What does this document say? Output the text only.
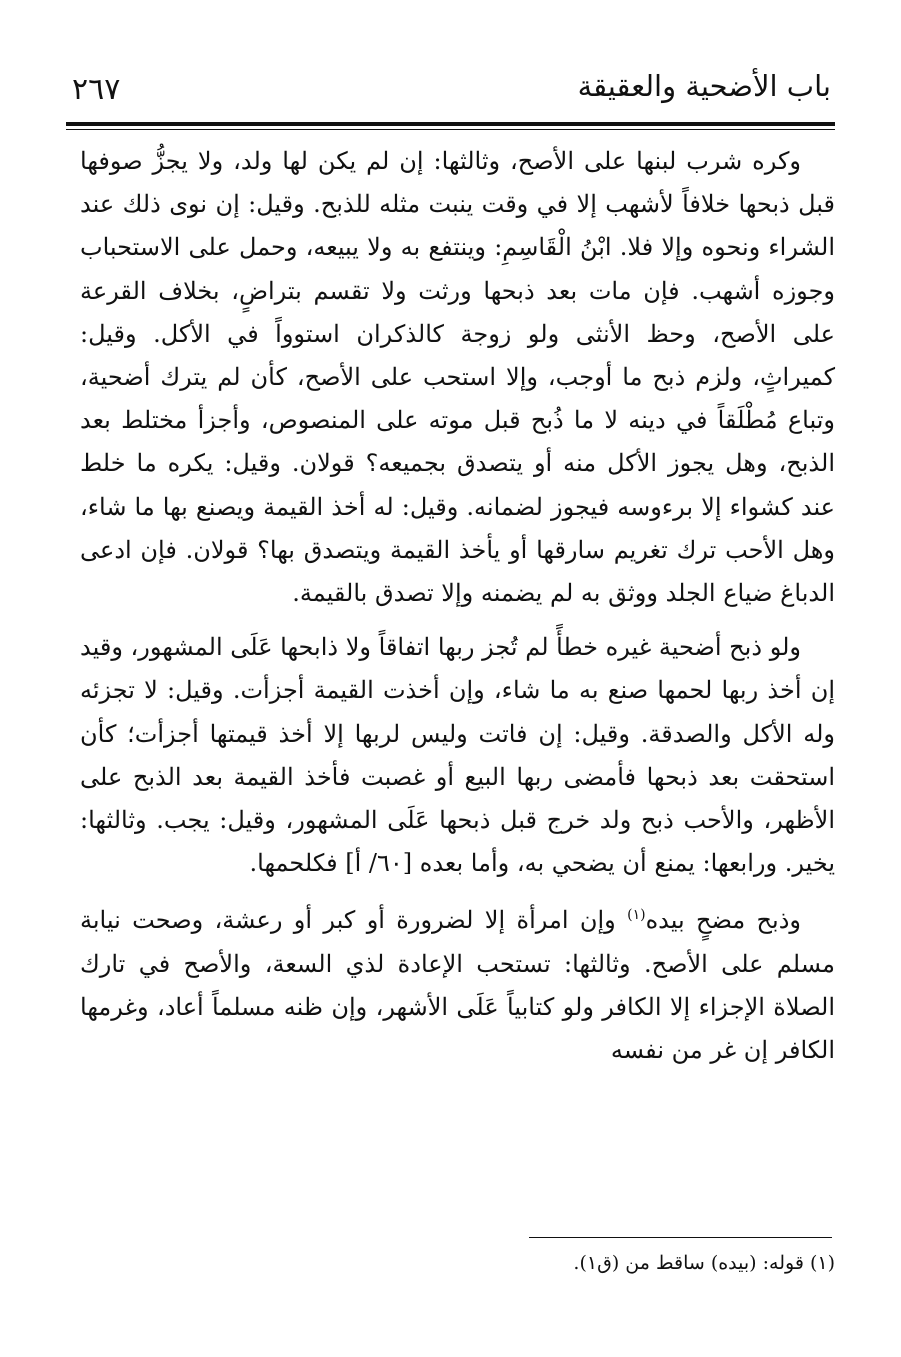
باب الأضحية والعقيقة
٢٦٧

وكره شرب لبنها على الأصح، وثالثها: إن لم يكن لها ولد، ولا يجزُّ صوفها قبل ذبحها خلافاً لأشهب إلا في وقت ينبت مثله للذبح. وقيل: إن نوى ذلك عند الشراء ونحوه وإلا فلا. ابْنُ الْقَاسِمِ: وينتفع به ولا يبيعه، وحمل على الاستحباب وجوزه أشهب. فإن مات بعد ذبحها ورثت ولا تقسم بتراضٍ، بخلاف القرعة على الأصح، وحظ الأنثى ولو زوجة كالذكران استوواً في الأكل. وقيل: كميراثٍ، ولزم ذبح ما أوجب، وإلا استحب على الأصح، كأن لم يترك أضحية، وتباع مُطْلَقاً في دينه لا ما ذُبح قبل موته على المنصوص، وأجزأ مختلط بعد الذبح، وهل يجوز الأكل منه أو يتصدق بجميعه؟ قولان. وقيل: يكره ما خلط عند كشواء إلا برءوسه فيجوز لضمانه. وقيل: له أخذ القيمة ويصنع بها ما شاء، وهل الأحب ترك تغريم سارقها أو يأخذ القيمة ويتصدق بها؟ قولان. فإن ادعى الدباغ ضياع الجلد ووثق به لم يضمنه وإلا تصدق بالقيمة.

ولو ذبح أضحية غيره خطأً لم تُجز ربها اتفاقاً ولا ذابحها عَلَى المشهور، وقيد إن أخذ ربها لحمها صنع به ما شاء، وإن أخذت القيمة أجزأت. وقيل: لا تجزئه وله الأكل والصدقة. وقيل: إن فاتت وليس لربها إلا أخذ قيمتها أجزأت؛ كأن استحقت بعد ذبحها فأمضى ربها البيع أو غصبت فأخذ القيمة بعد الذبح على الأظهر، والأحب ذبح ولد خرج قبل ذبحها عَلَى المشهور، وقيل: يجب. وثالثها: يخير. ورابعها: يمنع أن يضحي به، وأما بعده [٦٠/ أ] فكلحمها.

وذبح مضحٍ بيده$^{(١)}$ وإن امرأة إلا لضرورة أو كبر أو رعشة، وصحت نيابة مسلم على الأصح. وثالثها: تستحب الإعادة لذي السعة، والأصح في تارك الصلاة الإجزاء إلا الكافر ولو كتابياً عَلَى الأشهر، وإن ظنه مسلماً أعاد، وغرمها الكافر إن غر من نفسه

(١) قوله: (بيده) ساقط من (ق١).
